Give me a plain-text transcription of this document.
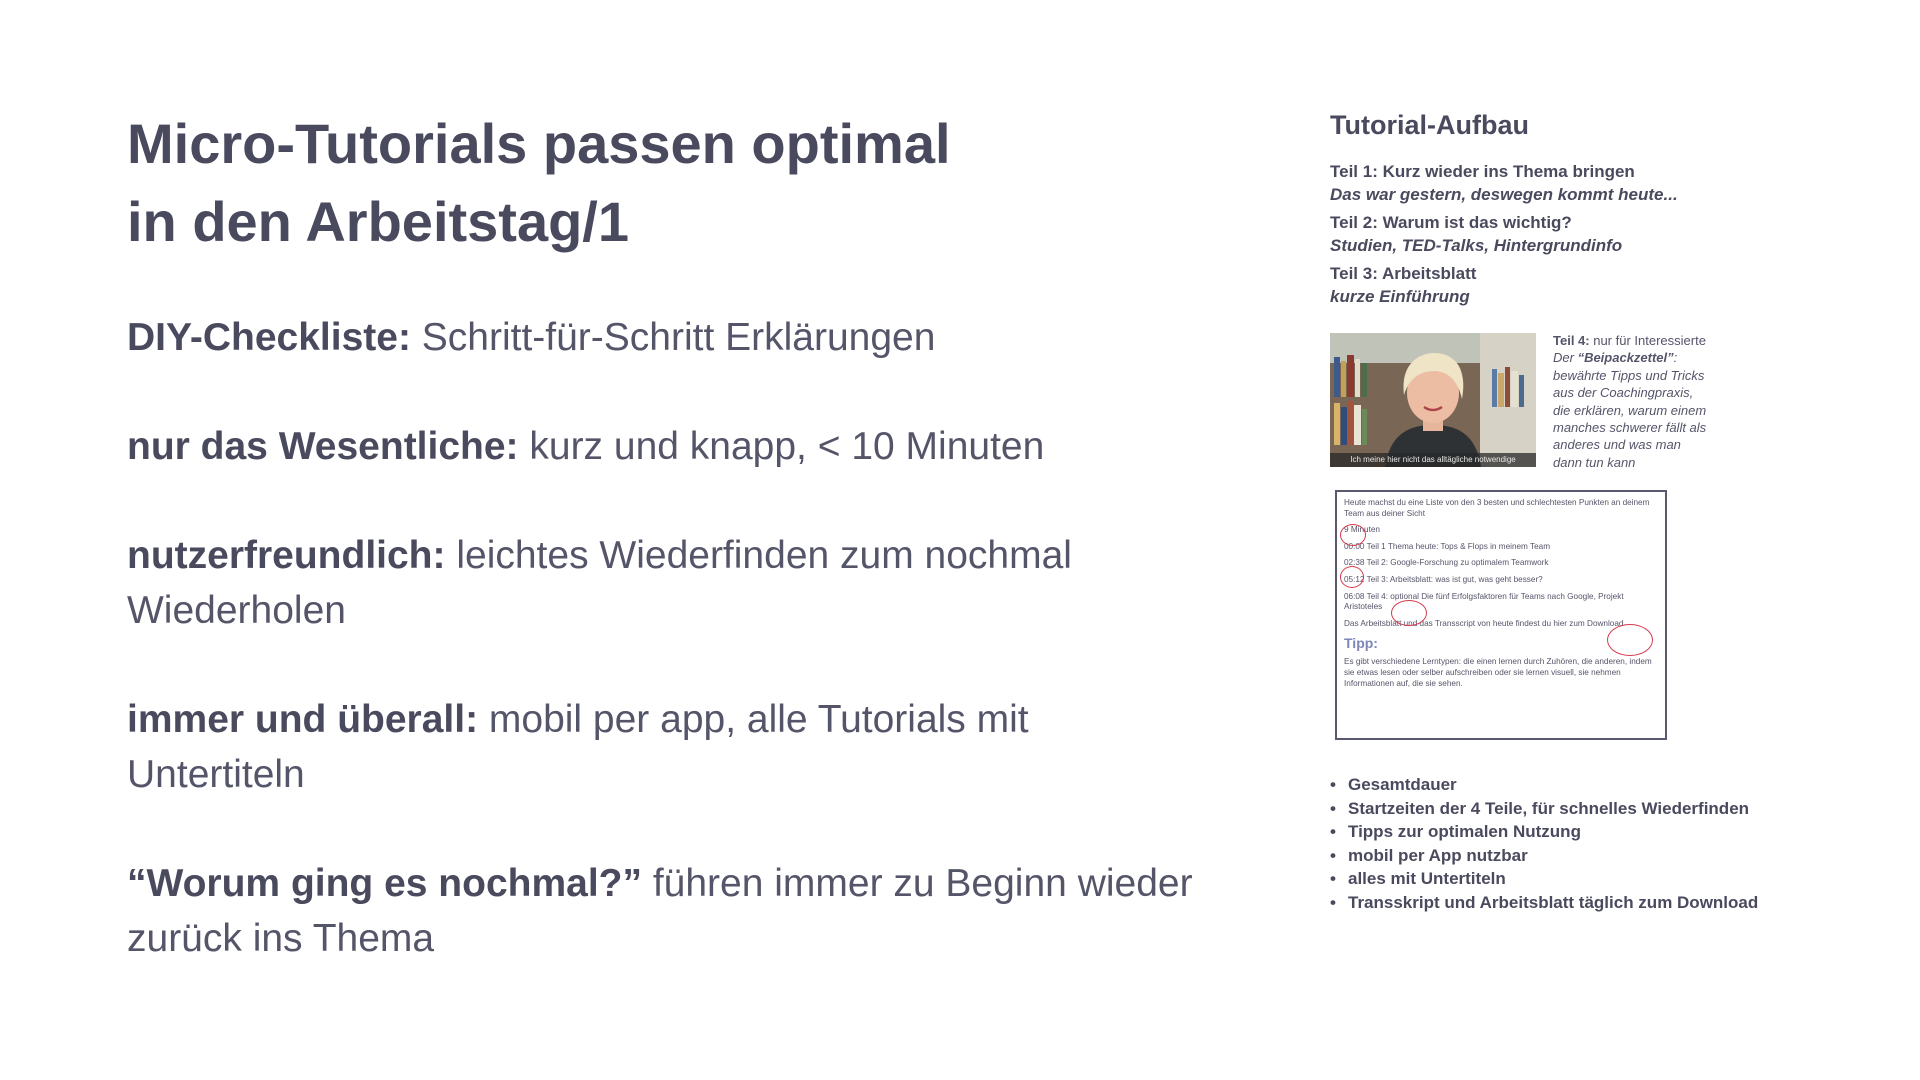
Micro-Tutorials passen optimal
in den Arbeitstag/1

DIY-Checkliste: Schritt-für-Schritt Erklärungen

nur das Wesentliche: kurz und knapp, < 10 Minuten

nutzerfreundlich: leichtes Wiederfinden zum nochmal Wiederholen

immer und überall: mobil per app, alle Tutorials mit Untertiteln

“Worum ging es nochmal?” führen immer zu Beginn wieder zurück ins Thema

Tutorial-Aufbau
Teil 1: Kurz wieder ins Thema bringen
Das war gestern, deswegen kommt heute...
Teil 2: Warum ist das wichtig?
Studien, TED-Talks, Hintergrundinfo
Teil 3: Arbeitsblatt
kurze Einführung
Ich meine hier nicht das alltägliche notwendige
Teil 4: nur für Interessierte
Der “Beipackzettel”:
bewährte Tipps und Tricks
aus der Coachingpraxis,
die erklären, warum einem
manches schwerer fällt als
anderes und was man
dann tun kann

Heute machst du eine Liste von den 3 besten und schlechtesten Punkten an deinem Team aus deiner Sicht

9 Minuten

00:00 Teil 1 Thema heute: Tops & Flops in meinem Team

02:38 Teil 2: Google-Forschung zu optimalem Teamwork

05:12 Teil 3: Arbeitsblatt: was ist gut, was geht besser?

06:08 Teil 4: optional Die fünf Erfolgsfaktoren für Teams nach Google, Projekt Aristoteles

Das Arbeitsblatt und das Transscript von heute findest du hier zum Download

Tipp:

Es gibt verschiedene Lerntypen: die einen lernen durch Zuhören, die anderen, indem sie etwas lesen oder selber aufschreiben oder sie lernen visuell, sie nehmen Informationen auf, die sie sehen.

• Gesamtdauer
• Startzeiten der 4 Teile, für schnelles Wiederfinden
• Tipps zur optimalen Nutzung
• mobil per App nutzbar
• alles mit Untertiteln
• Transskript und Arbeitsblatt täglich zum Download
